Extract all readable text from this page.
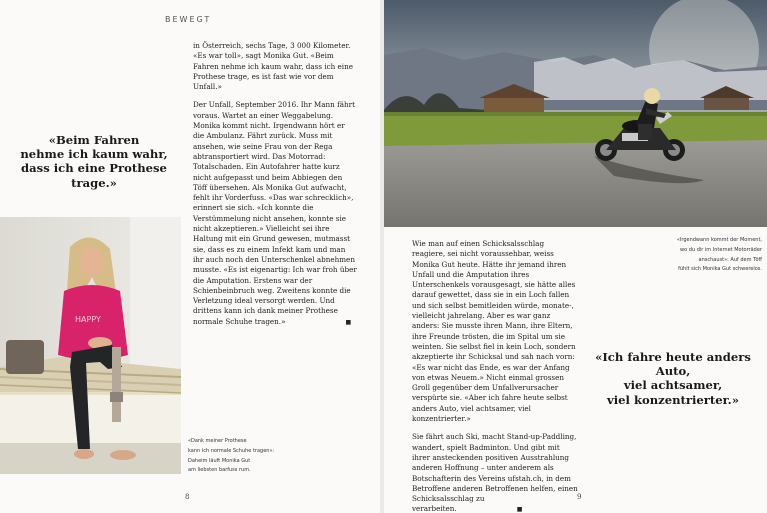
BEWEGT

in Österreich, sechs Tage, 3 000 Kilometer. «Es war toll», sagt Monika Gut. «Beim Fahren nehme ich kaum wahr, dass ich eine Prothese trage, es ist fast wie vor dem Unfall.»

Der Unfall, September 2016. Ihr Mann fährt voraus. Wartet an einer Weggabelung. Monika kommt nicht. Irgendwann hört er die Ambulanz. Fährt zurück. Muss mit ansehen, wie seine Frau von der Rega abtransportiert wird. Das Motorrad: Totalschaden. Ein Autofahrer hatte kurz nicht aufgepasst und beim Abbiegen den Töff übersehen. Als Monika Gut aufwacht, fehlt ihr Vorderfuss. «Das war schrecklich», erinnert sie sich. «Ich konnte die Verstümmelung nicht ansehen, konnte sie nicht akzeptieren.» Vielleicht sei ihre Haltung mit ein Grund gewesen, mutmasst sie, dass es zu einem Infekt kam und man ihr auch noch den Unterschenkel abnehmen musste. «Es ist eigenartig: Ich war froh über die Amputation. Erstens war der Schienbeinbruch weg. Zweitens konnte die Verletzung ideal versorgt werden. Und drittens kann ich dank meiner Prothese normale Schuhe tragen.»	■

«Beim Fahren
nehme ich kaum wahr,
dass ich eine Prothese trage.»
HAPPY
«Dank meiner Prothese
kann ich normale Schuhe tragen»:
Daheim läuft Monika Gut
am liebsten barfuss rum.
8
«Irgendwann kommt der Moment,
wo du dir im Internet Motorräder
anschaust»: Auf dem Töff
fühlt sich Monika Gut schwerelos.

Wie man auf einen Schicksalsschlag reagiere, sei nicht voraussehbar, weiss Monika Gut heute. Hätte ihr jemand ihren Unfall und die Amputation ihres Unterschenkels vorausgesagt, sie hätte alles darauf gewettet, dass sie in ein Loch fallen und sich selbst bemitleiden würde, monate-, vielleicht jahrelang. Aber es war ganz anders: Sie musste ihren Mann, ihre Eltern, ihre Freunde trösten, die im Spital um sie weinten. Sie selbst fiel in kein Loch, sondern akzeptierte ihr Schicksal und sah nach vorn: «Es war nicht das Ende, es war der Anfang von etwas Neuem.» Nicht einmal grossen Groll gegenüber dem Unfallverursacher verspürte sie. «Aber ich fahre heute selbst anders Auto, viel achtsamer, viel konzentrierter.»

Sie fährt auch Ski, macht Stand-up-Paddling, wandert, spielt Badminton. Und gibt mit ihrer ansteckenden positiven Ausstrahlung anderen Hoffnung – unter anderem als Botschafterin des Vereins ufstah.ch, in dem Betroffene anderen Betroffenen helfen, einen Schicksalsschlag zu verarbeiten.	■

«Ich fahre heute anders Auto,
viel achtsamer,
viel konzentrierter.»
9
